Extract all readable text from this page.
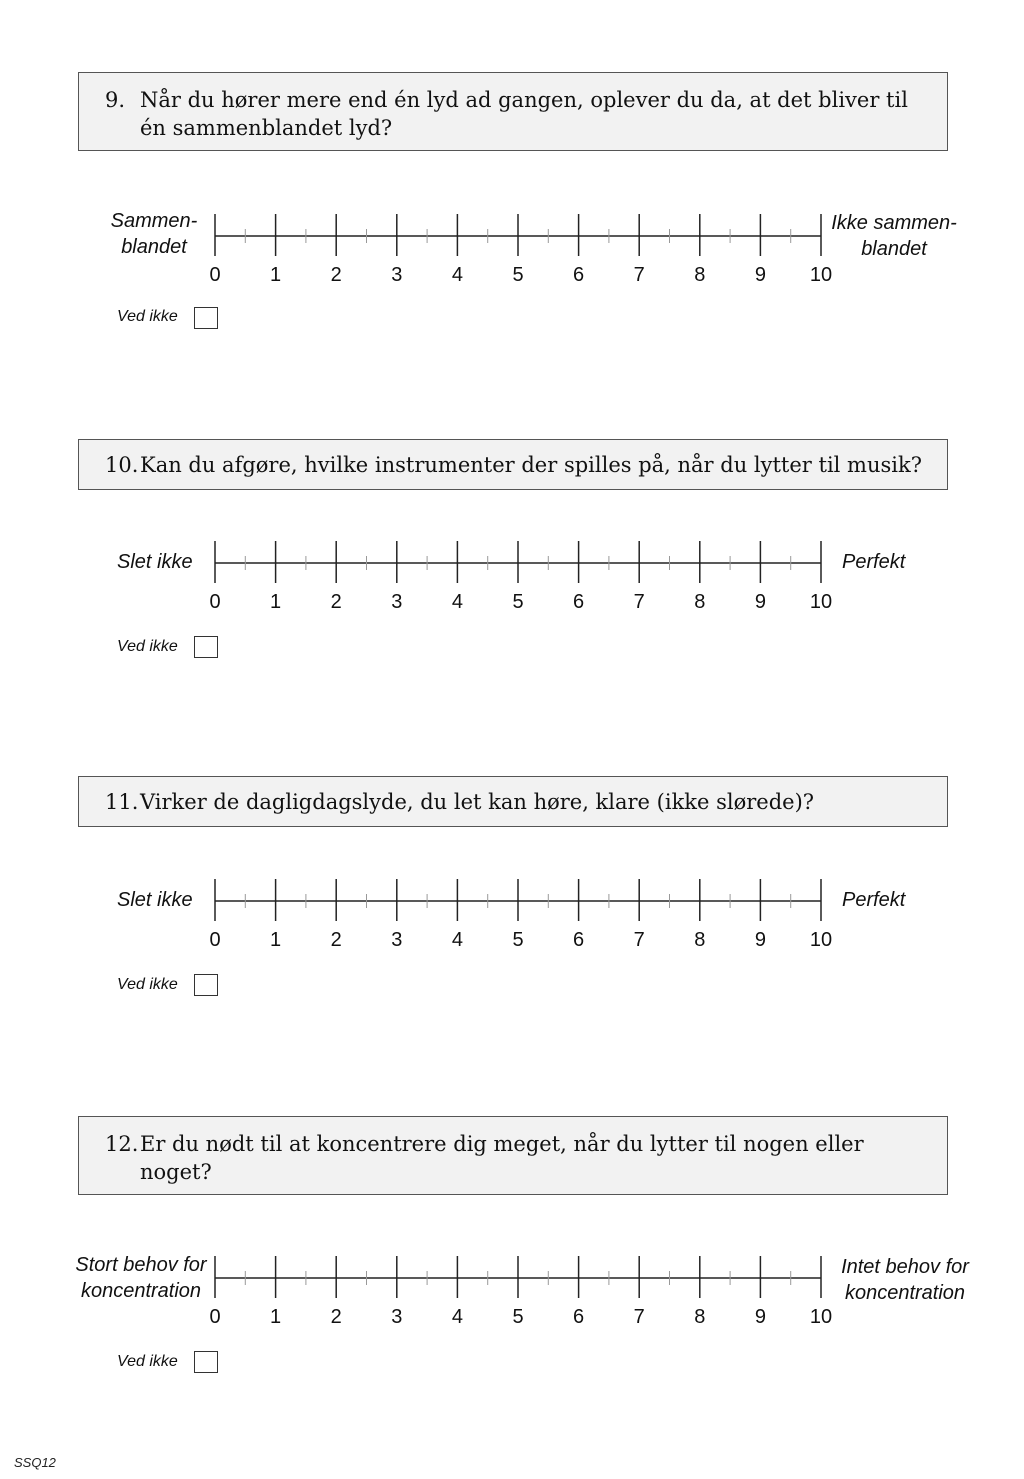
9. Når du hører mere end én lyd ad gangen, oplever du da, at det bliver til én sammenblandet lyd?
Sammen-
blandet
Ikke sammen-
blandet
0 1 2 3 4 5 6 7 8 9 10
Ved ikke
10. Kan du afgøre, hvilke instrumenter der spilles på, når du lytter til musik?
Slet ikke	Perfekt
0 1 2 3 4 5 6 7 8 9 10
Ved ikke
11. Virker de dagligdagslyde, du let kan høre, klare (ikke slørede)?
Slet ikke	Perfekt
0 1 2 3 4 5 6 7 8 9 10
Ved ikke
12. Er du nødt til at koncentrere dig meget, når du lytter til nogen eller noget?
Stort behov for
koncentration
Intet behov for
koncentration
0 1 2 3 4 5 6 7 8 9 10
Ved ikke
SSQ12
